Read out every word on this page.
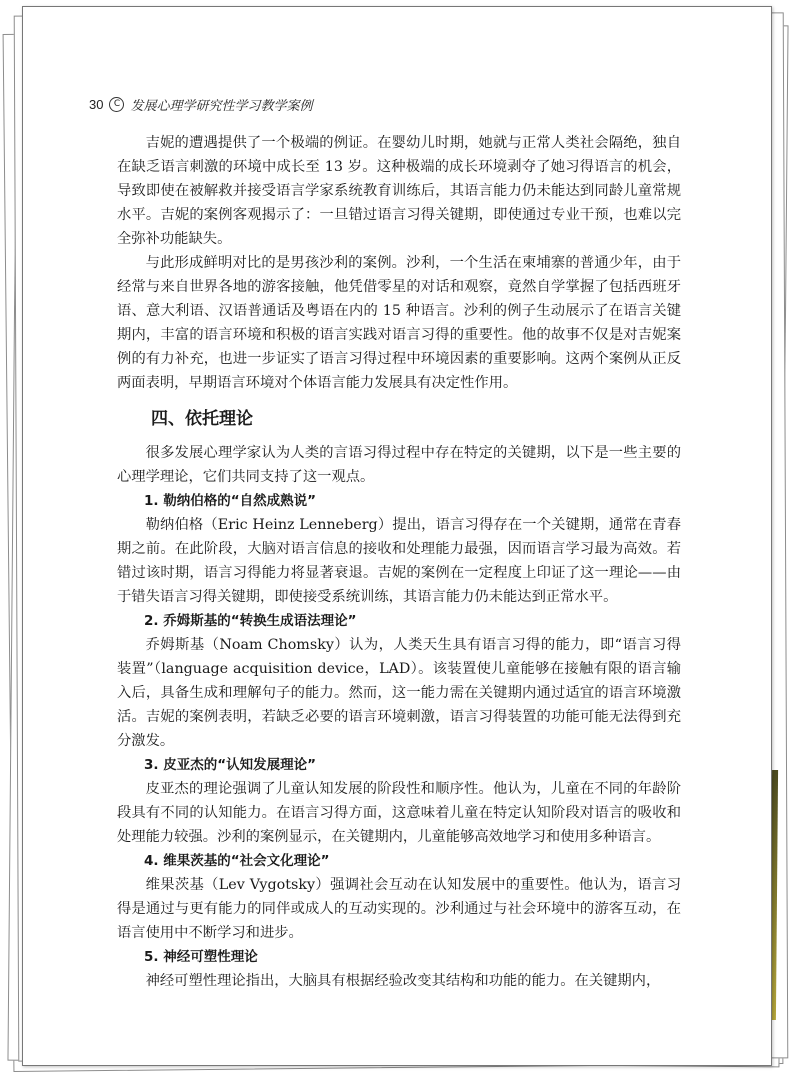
30	C 发展心理学研究性学习教学案例

吉妮的遭遇提供了一个极端的例证。在婴幼儿时期，她就与正常人类社会隔绝，独自在缺乏语言刺激的环境中成长至 13 岁。这种极端的成长环境剥夺了她习得语言的机会，导致即使在被解救并接受语言学家系统教育训练后，其语言能力仍未能达到同龄儿童常规水平。吉妮的案例客观揭示了：一旦错过语言习得关键期，即使通过专业干预，也难以完全弥补功能缺失。

与此形成鲜明对比的是男孩沙利的案例。沙利，一个生活在柬埔寨的普通少年，由于经常与来自世界各地的游客接触，他凭借零星的对话和观察，竟然自学掌握了包括西班牙语、意大利语、汉语普通话及粤语在内的 15 种语言。沙利的例子生动展示了在语言关键期内，丰富的语言环境和积极的语言实践对语言习得的重要性。他的故事不仅是对吉妮案例的有力补充，也进一步证实了语言习得过程中环境因素的重要影响。这两个案例从正反两面表明，早期语言环境对个体语言能力发展具有决定性作用。

四、依托理论

很多发展心理学家认为人类的言语习得过程中存在特定的关键期，以下是一些主要的心理学理论，它们共同支持了这一观点。

1. 勒纳伯格的“自然成熟说”

勒纳伯格（Eric Heinz Lenneberg）提出，语言习得存在一个关键期，通常在青春期之前。在此阶段，大脑对语言信息的接收和处理能力最强，因而语言学习最为高效。若错过该时期，语言习得能力将显著衰退。吉妮的案例在一定程度上印证了这一理论——由于错失语言习得关键期，即使接受系统训练，其语言能力仍未能达到正常水平。

2. 乔姆斯基的“转换生成语法理论”

乔姆斯基（Noam Chomsky）认为，人类天生具有语言习得的能力，即“语言习得装置”（language acquisition device，LAD）。该装置使儿童能够在接触有限的语言输入后，具备生成和理解句子的能力。然而，这一能力需在关键期内通过适宜的语言环境激活。吉妮的案例表明，若缺乏必要的语言环境刺激，语言习得装置的功能可能无法得到充分激发。

3. 皮亚杰的“认知发展理论”

皮亚杰的理论强调了儿童认知发展的阶段性和顺序性。他认为，儿童在不同的年龄阶段具有不同的认知能力。在语言习得方面，这意味着儿童在特定认知阶段对语言的吸收和处理能力较强。沙利的案例显示，在关键期内，儿童能够高效地学习和使用多种语言。

4. 维果茨基的“社会文化理论”

维果茨基（Lev Vygotsky）强调社会互动在认知发展中的重要性。他认为，语言习得是通过与更有能力的同伴或成人的互动实现的。沙利通过与社会环境中的游客互动，在语言使用中不断学习和进步。

5. 神经可塑性理论

神经可塑性理论指出，大脑具有根据经验改变其结构和功能的能力。在关键期内，
